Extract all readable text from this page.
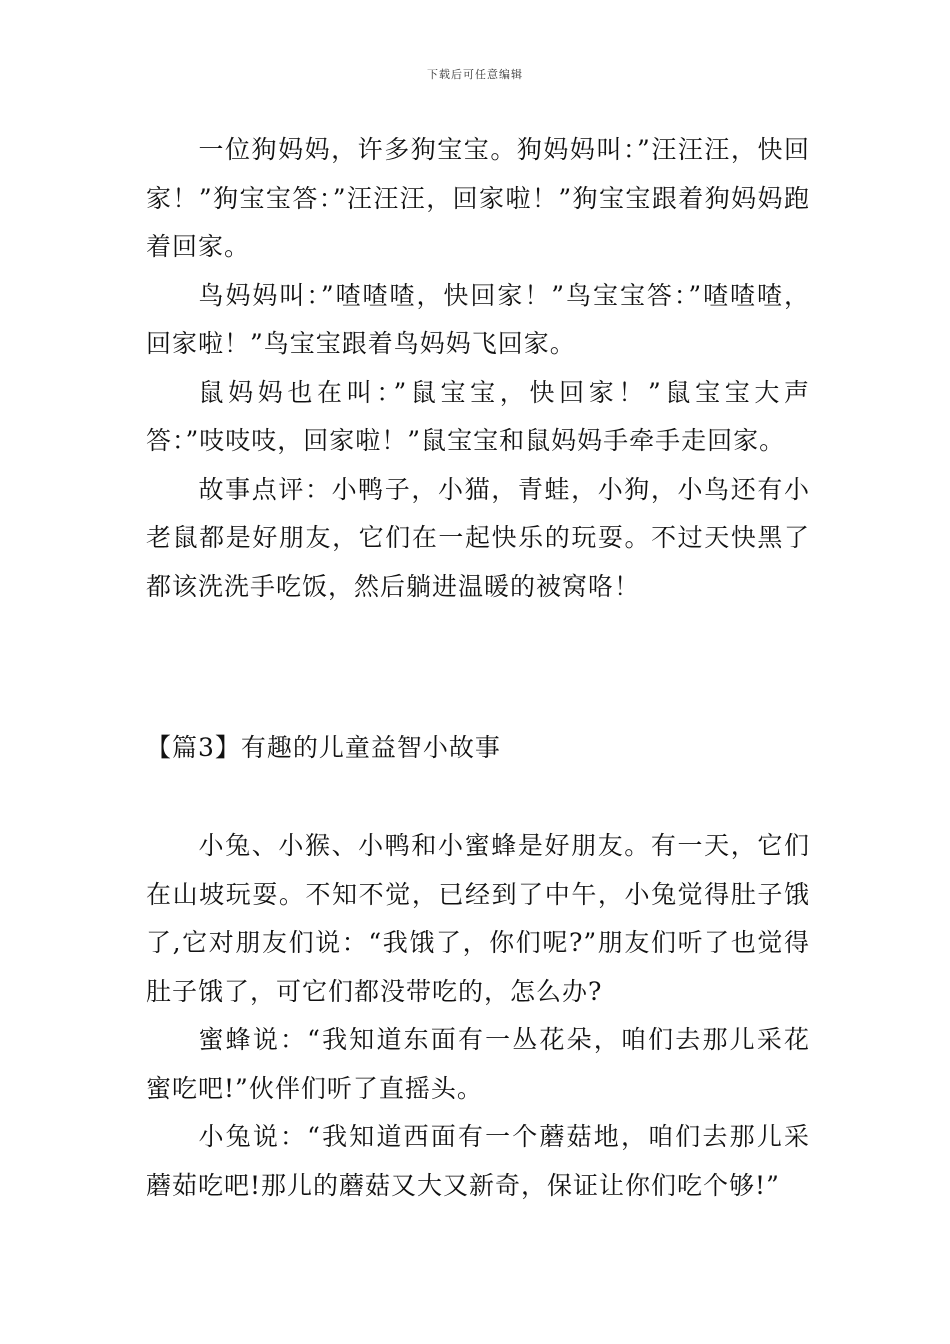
下载后可任意编辑

一位狗妈妈，许多狗宝宝。狗妈妈叫：”汪汪汪，快回家！”狗宝宝答：”汪汪汪，回家啦！”狗宝宝跟着狗妈妈跑着回家。

鸟妈妈叫：”喳喳喳，快回家！”鸟宝宝答：”喳喳喳，回家啦！”鸟宝宝跟着鸟妈妈飞回家。

鼠妈妈也在叫：”鼠宝宝，快回家！”鼠宝宝大声答：”吱吱吱，回家啦！”鼠宝宝和鼠妈妈手牵手走回家。

故事点评：小鸭子，小猫，青蛙，小狗，小鸟还有小老鼠都是好朋友，它们在一起快乐的玩耍。不过天快黑了都该洗洗手吃饭，然后躺进温暖的被窝咯！

【篇3】有趣的儿童益智小故事

小兔、小猴、小鸭和小蜜蜂是好朋友。有一天，它们在山坡玩耍。不知不觉，已经到了中午，小兔觉得肚子饿了,它对朋友们说：“我饿了，你们呢?”朋友们听了也觉得肚子饿了，可它们都没带吃的，怎么办?

蜜蜂说：“我知道东面有一丛花朵，咱们去那儿采花蜜吃吧!”伙伴们听了直摇头。

小兔说：“我知道西面有一个蘑菇地，咱们去那儿采蘑茹吃吧!那儿的蘑菇又大又新奇，保证让你们吃个够!”
